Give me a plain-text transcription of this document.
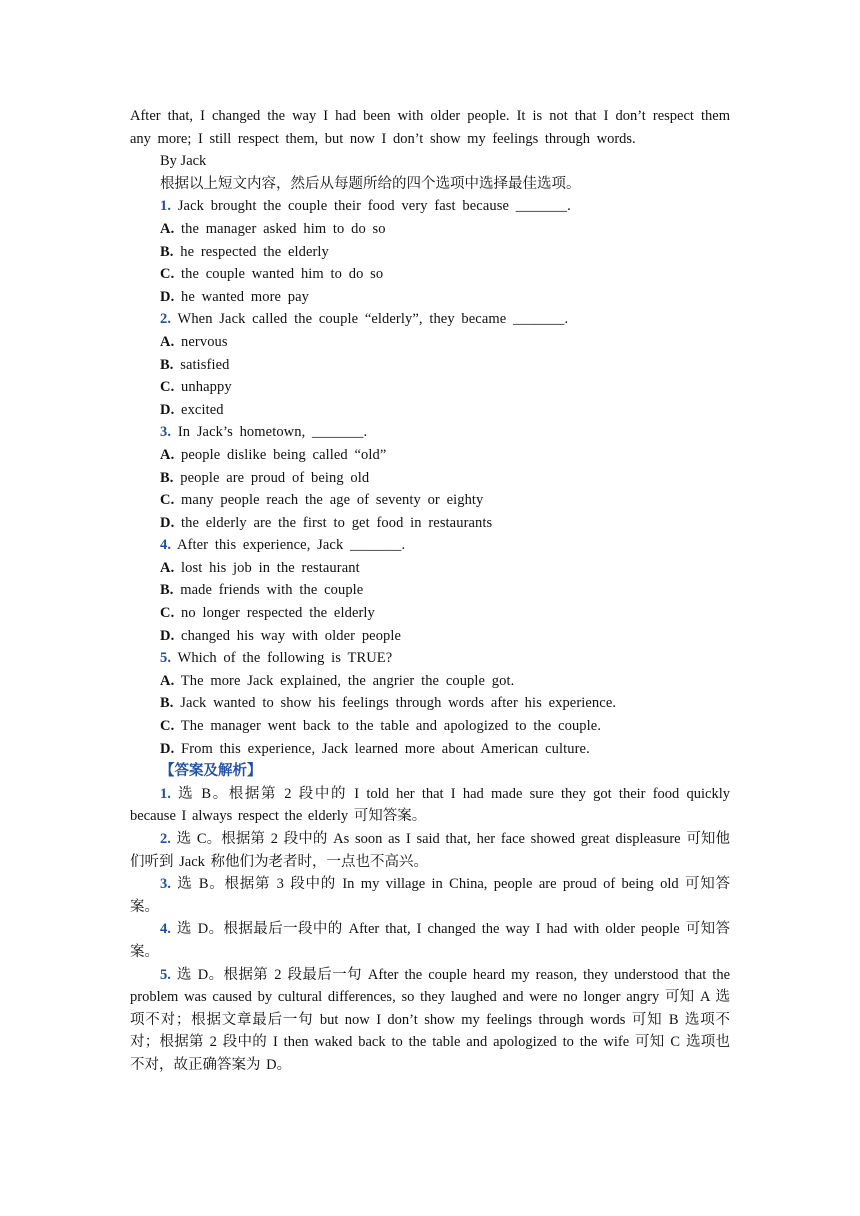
After that, I changed the way I had been with older people. It is not that I don’t respect them any more; I still respect them, but now I don’t show my feelings through words.
By Jack
根据以上短文内容，然后从每题所给的四个选项中选择最佳选项。
1. Jack brought the couple their food very fast because _______.
A. the manager asked him to do so
B. he respected the elderly
C. the couple wanted him to do so
D. he wanted more pay
2. When Jack called the couple “elderly”, they became _______.
A. nervous
B. satisfied
C. unhappy
D. excited
3. In Jack’s hometown, _______.
A. people dislike being called “old”
B. people are proud of being old
C. many people reach the age of seventy or eighty
D. the elderly are the first to get food in restaurants
4. After this experience, Jack _______.
A. lost his job in the restaurant
B. made friends with the couple
C. no longer respected the elderly
D. changed his way with older people
5. Which of the following is TRUE?
A. The more Jack explained, the angrier the couple got.
B. Jack wanted to show his feelings through words after his experience.
C. The manager went back to the table and apologized to the couple.
D. From this experience, Jack learned more about American culture.
【答案及解析】
1. 选 B。根据第 2 段中的 I told her that I had made sure they got their food quickly because I always respect the elderly 可知答案。
2. 选 C。根据第 2 段中的 As soon as I said that, her face showed great displeasure 可知他们听到 Jack 称他们为老者时，一点也不高兴。
3. 选 B。根据第 3 段中的 In my village in China, people are proud of being old 可知答案。
4. 选 D。根据最后一段中的 After that, I changed the way I had with older people 可知答案。
5. 选 D。根据第 2 段最后一句 After the couple heard my reason, they understood that the problem was caused by cultural differences, so they laughed and were no longer angry 可知 A 选项不对；根据文章最后一句 but now I don’t show my feelings through words 可知 B 选项不对；根据第 2 段中的 I then waked back to the table and apologized to the wife 可知 C 选项也不对，故正确答案为 D。
